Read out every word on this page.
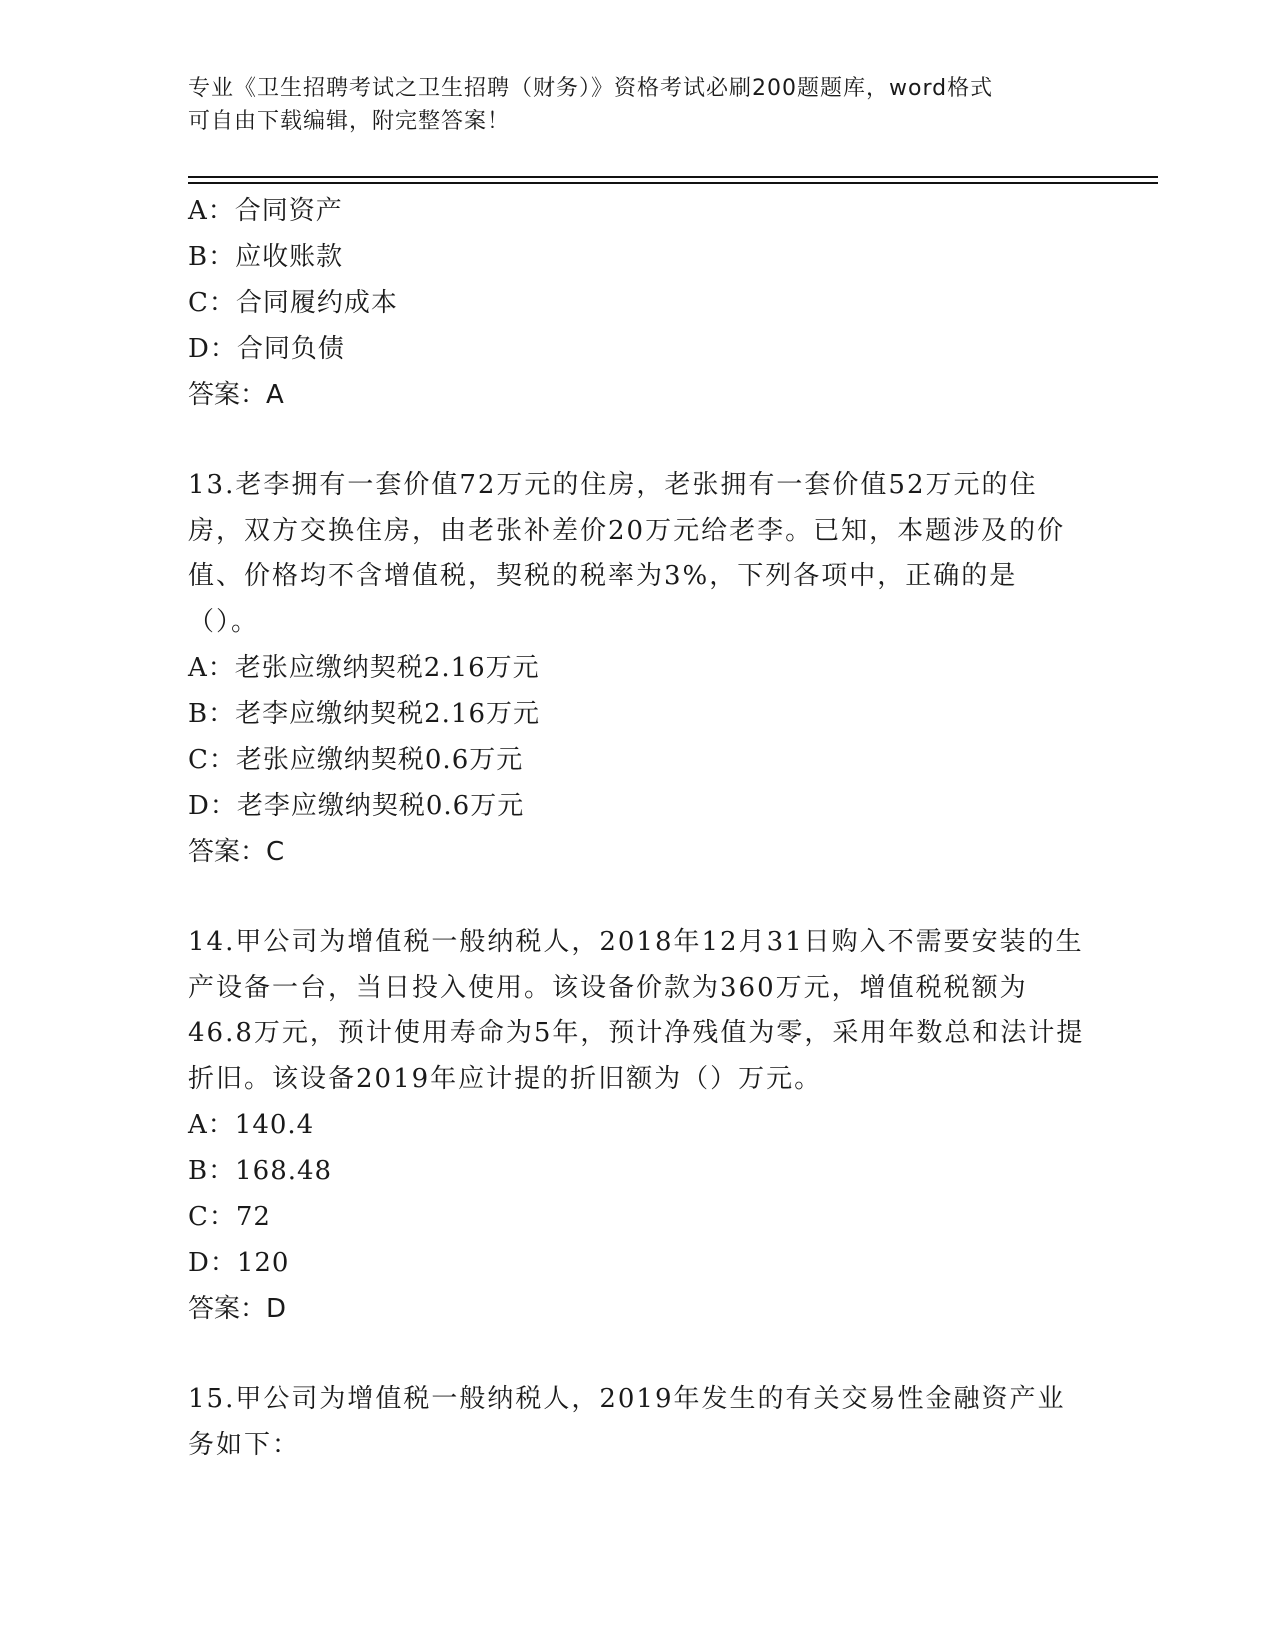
专业《卫生招聘考试之卫生招聘（财务）》资格考试必刷200题题库，word格式
可自由下载编辑，附完整答案！
A：合同资产
B：应收账款
C：合同履约成本
D：合同负债
答案：A
13.老李拥有一套价值72万元的住房，老张拥有一套价值52万元的住房，双方交换住房，由老张补差价20万元给老李。已知，本题涉及的价值、价格均不含增值税，契税的税率为3%，下列各项中，正确的是（）。
A：老张应缴纳契税2.16万元
B：老李应缴纳契税2.16万元
C：老张应缴纳契税0.6万元
D：老李应缴纳契税0.6万元
答案：C
14.甲公司为增值税一般纳税人，2018年12月31日购入不需要安装的生产设备一台，当日投入使用。该设备价款为360万元，增值税税额为46.8万元，预计使用寿命为5年，预计净残值为零，采用年数总和法计提折旧。该设备2019年应计提的折旧额为（）万元。
A：140.4
B：168.48
C：72
D：120
答案：D
15.甲公司为增值税一般纳税人，2019年发生的有关交易性金融资产业务如下：
